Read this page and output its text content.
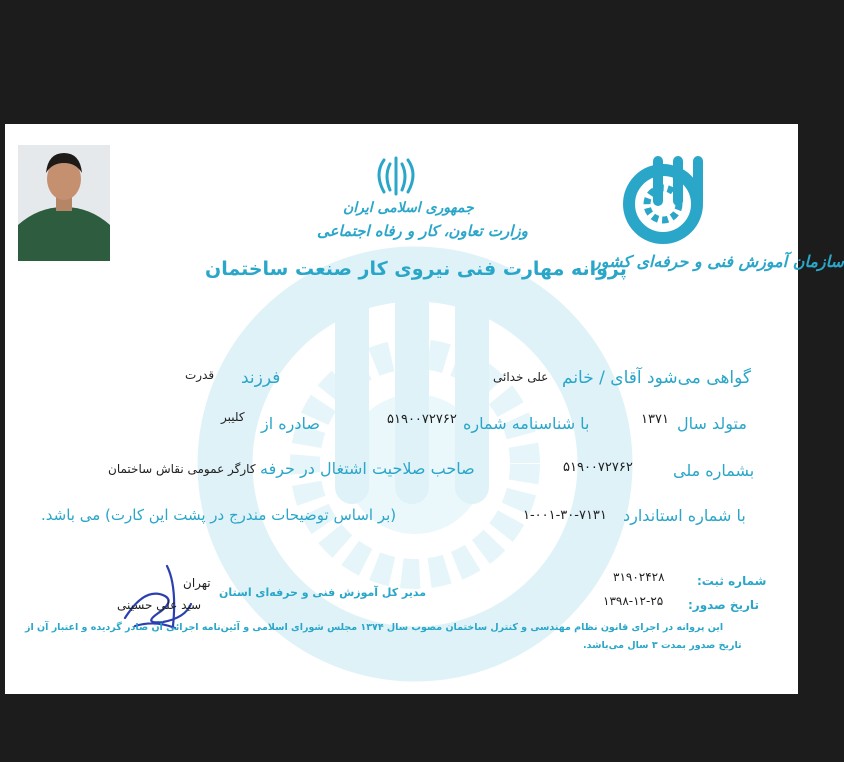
جمهوری اسلامی ایران
وزارت تعاون، کار و رفاه اجتماعی
سازمان آموزش فنی و حرفه‌ای کشور
پروانه مهارت فنی نیروی کار صنعت ساختمان
گواهی می‌شود آقای / خانم
علی خدائی
فرزند
قدرت
متولد سال
۱۳۷۱
با شناسنامه شماره
۵۱۹۰۰۷۲۷۶۲
صادره از
کلیبر
بشماره ملی
۵۱۹۰۰۷۲۷۶۲
صاحب صلاحیت اشتغال در حرفه
کارگر عمومی نقاش ساختمان
با شماره استاندارد
۱-۰۰۱-۳۰-۷۱۳۱
(بر اساس توضیحات مندرج در پشت این کارت) می باشد.
تهران
مدیر کل آموزش فنی و حرفه‌ای استان
سید علی حسینی
شماره ثبت:
۳۱۹۰۲۴۲۸
تاریخ صدور:
۱۳۹۸-۱۲-۲۵
این پروانه در اجرای قانون نظام مهندسی و کنترل ساختمان مصوب سال ۱۳۷۴ مجلس شورای اسلامی و آئین‌نامه اجرائی آن صادر گردیده و اعتبار آن از
تاریخ صدور بمدت ۳ سال می‌باشد.
